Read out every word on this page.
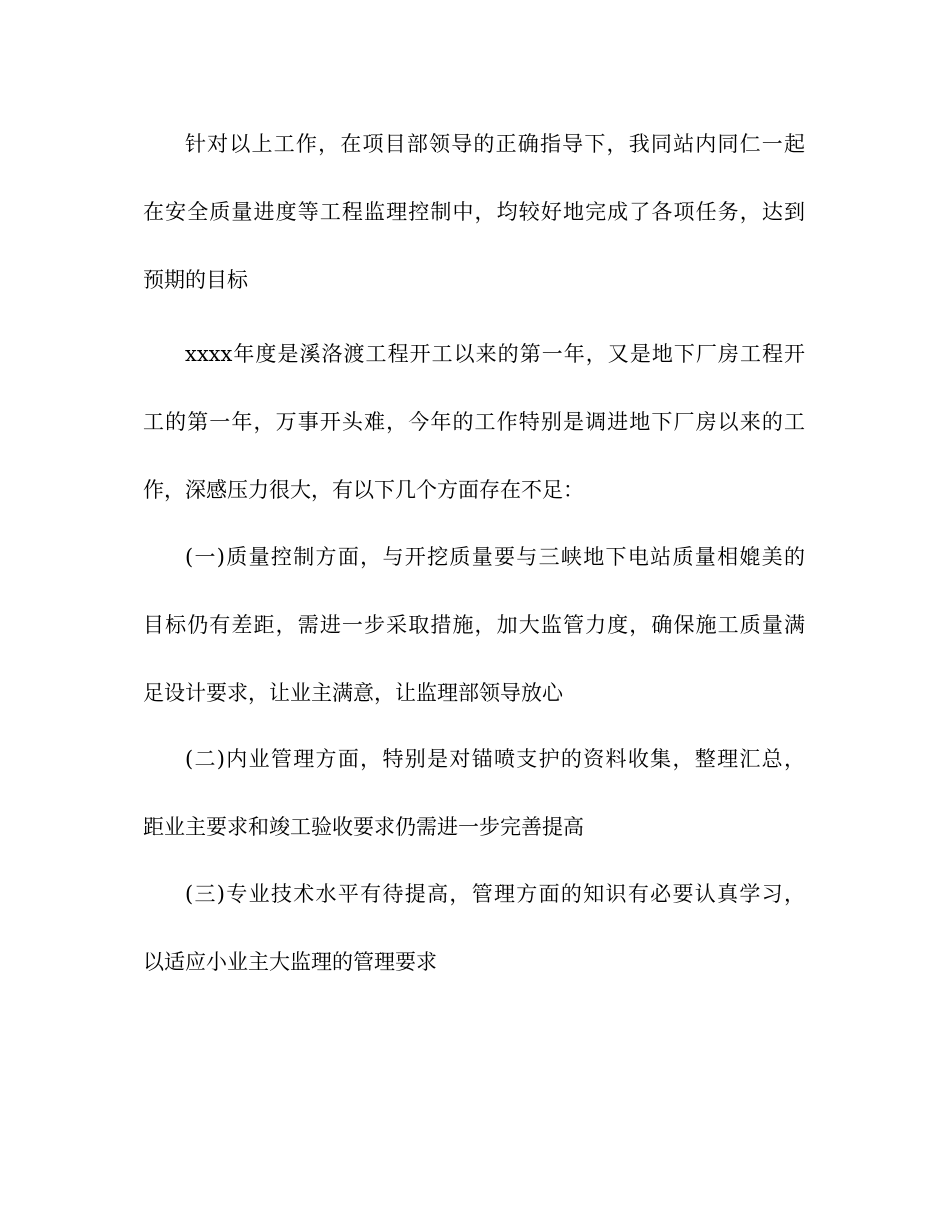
针对以上工作，在项目部领导的正确指导下，我同站内同仁一起
在安全质量进度等工程监理控制中，均较好地完成了各项任务，达到
预期的目标
xxxx年度是溪洛渡工程开工以来的第一年，又是地下厂房工程开
工的第一年，万事开头难，今年的工作特别是调进地下厂房以来的工
作，深感压力很大，有以下几个方面存在不足：
(一)质量控制方面，与开挖质量要与三峡地下电站质量相媲美的
目标仍有差距，需进一步采取措施，加大监管力度，确保施工质量满
足设计要求，让业主满意，让监理部领导放心
(二)内业管理方面，特别是对锚喷支护的资料收集，整理汇总，
距业主要求和竣工验收要求仍需进一步完善提高
(三)专业技术水平有待提高，管理方面的知识有必要认真学习，
以适应小业主大监理的管理要求
